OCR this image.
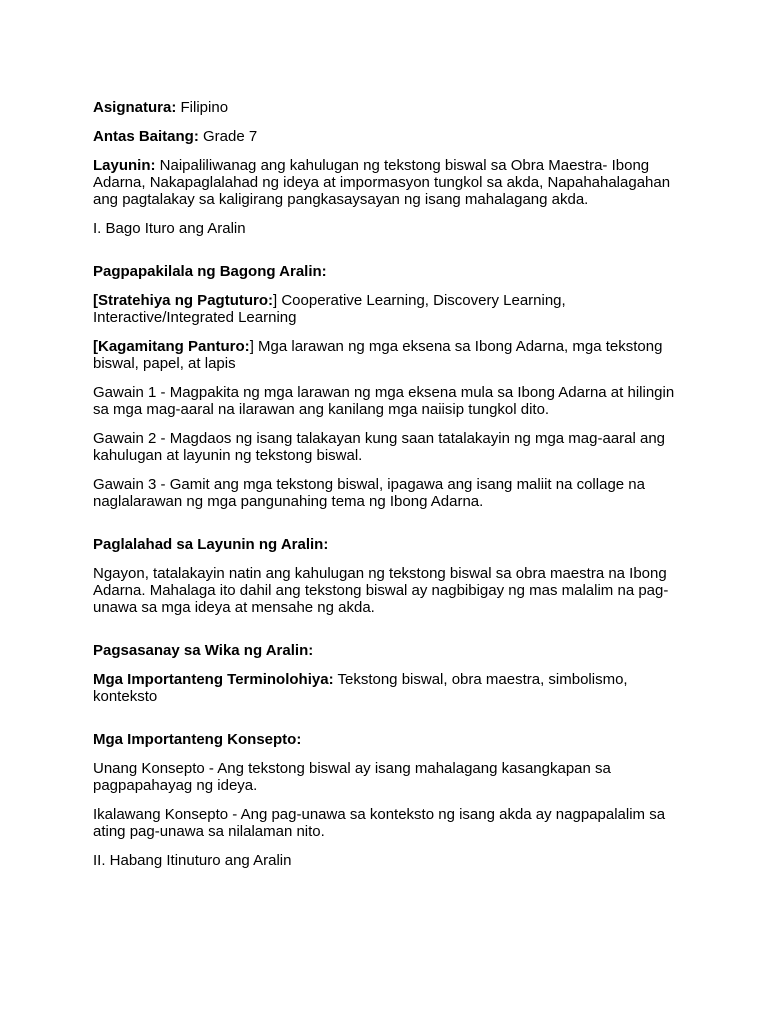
Asignatura: Filipino

Antas Baitang: Grade 7

Layunin: Naipaliliwanag ang kahulugan ng tekstong biswal sa Obra Maestra- Ibong Adarna, Nakapaglalahad ng ideya at impormasyon tungkol sa akda, Napahahalagahan ang pagtalakay sa kaligirang pangkasaysayan ng isang mahalagang akda.

I. Bago Ituro ang Aralin

Pagpapakilala ng Bagong Aralin:

[Stratehiya ng Pagtuturo:] Cooperative Learning, Discovery Learning, Interactive/Integrated Learning

[Kagamitang Panturo:] Mga larawan ng mga eksena sa Ibong Adarna, mga tekstong biswal, papel, at lapis

Gawain 1 - Magpakita ng mga larawan ng mga eksena mula sa Ibong Adarna at hilingin sa mga mag-aaral na ilarawan ang kanilang mga naiisip tungkol dito.

Gawain 2 - Magdaos ng isang talakayan kung saan tatalakayin ng mga mag-aaral ang kahulugan at layunin ng tekstong biswal.

Gawain 3 - Gamit ang mga tekstong biswal, ipagawa ang isang maliit na collage na naglalarawan ng mga pangunahing tema ng Ibong Adarna.

Paglalahad sa Layunin ng Aralin:

Ngayon, tatalakayin natin ang kahulugan ng tekstong biswal sa obra maestra na Ibong Adarna. Mahalaga ito dahil ang tekstong biswal ay nagbibigay ng mas malalim na pag-unawa sa mga ideya at mensahe ng akda.

Pagsasanay sa Wika ng Aralin:

Mga Importanteng Terminolohiya: Tekstong biswal, obra maestra, simbolismo, konteksto

Mga Importanteng Konsepto:

Unang Konsepto - Ang tekstong biswal ay isang mahalagang kasangkapan sa pagpapahayag ng ideya.

Ikalawang Konsepto - Ang pag-unawa sa konteksto ng isang akda ay nagpapalalim sa ating pag-unawa sa nilalaman nito.

II. Habang Itinuturo ang Aralin
